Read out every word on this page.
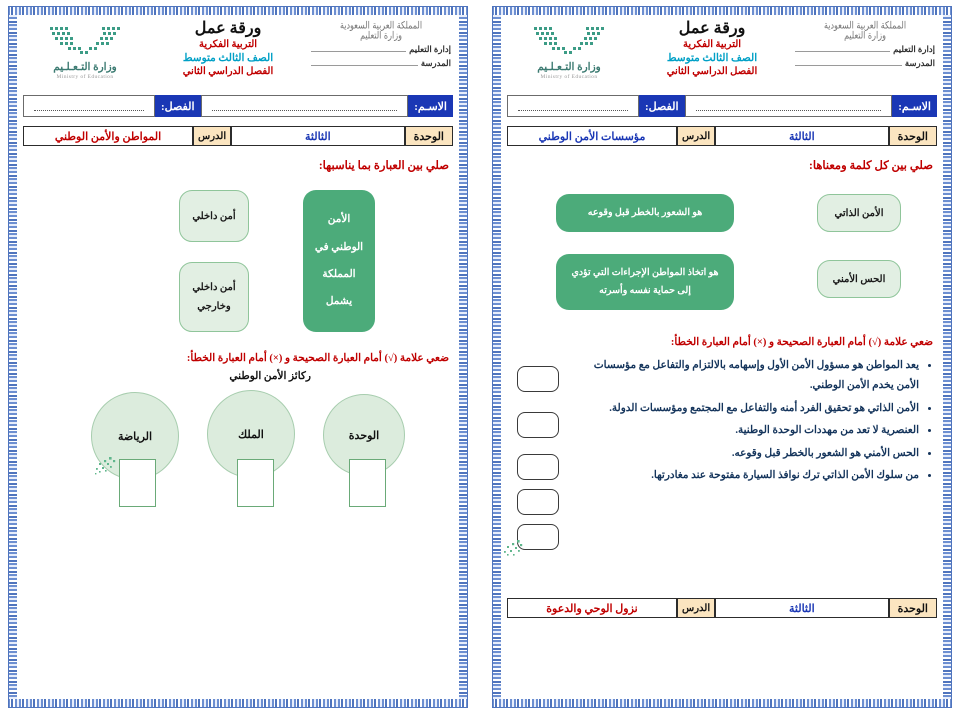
المملكة العربية السعودية
وزارة التعليم
إدارة التعليم
المدرسة
ورقة عمل
التربية الفكرية
الصف الثالث متوسط
الفصل الدراسي الثاني
وزارة التـعـلـيم
Ministry of Education
الاسـم:
الفصل:
الوحدة
الثالثة
الدرس
مؤسسات الأمن الوطني
صلي بين كل كلمة ومعناها:
الأمن الذاتي
الحس الأمني
هو الشعور بالخطر قبل وقوعه
هو اتخاذ المواطن الإجراءات التي تؤدي إلى حماية نفسه وأسرته
ضعي علامة (√) أمام العبارة الصحيحة و (×) أمام العبارة الخطأ:
• يعد المواطن هو مسؤول الأمن الأول وإسهامه بالالتزام والتفاعل مع مؤسسات الأمن يخدم الأمن الوطني.
• الأمن الذاتي هو تحقيق الفرد أمنه والتفاعل مع المجتمع ومؤسسات الدولة.
• العنصرية لا تعد من مهددات الوحدة الوطنية.
• الحس الأمني هو الشعور بالخطر قبل وقوعه.
• من سلوك الأمن الذاتي ترك نوافذ السيارة مفتوحة عند مغادرتها.
الوحدة
الثالثة
الدرس
نزول الوحي والدعوة
المملكة العربية السعودية
وزارة التعليم
إدارة التعليم
المدرسة
ورقة عمل
التربية الفكرية
الصف الثالث متوسط
الفصل الدراسي الثاني
وزارة التـعـلـيم
Ministry of Education
الاسـم:
الفصل:
الوحدة
الثالثة
الدرس
المواطن والأمن الوطني
صلي بين العبارة بما يناسبها:
الأمن الوطني في المملكة يشمل
أمن داخلي
أمن داخلي وخارجي
ضعي علامة (√) أمام العبارة الصحيحة و (×) أمام العبارة الخطأ:
ركائز الأمن الوطني
الوحدة
الملك
الرياضة
